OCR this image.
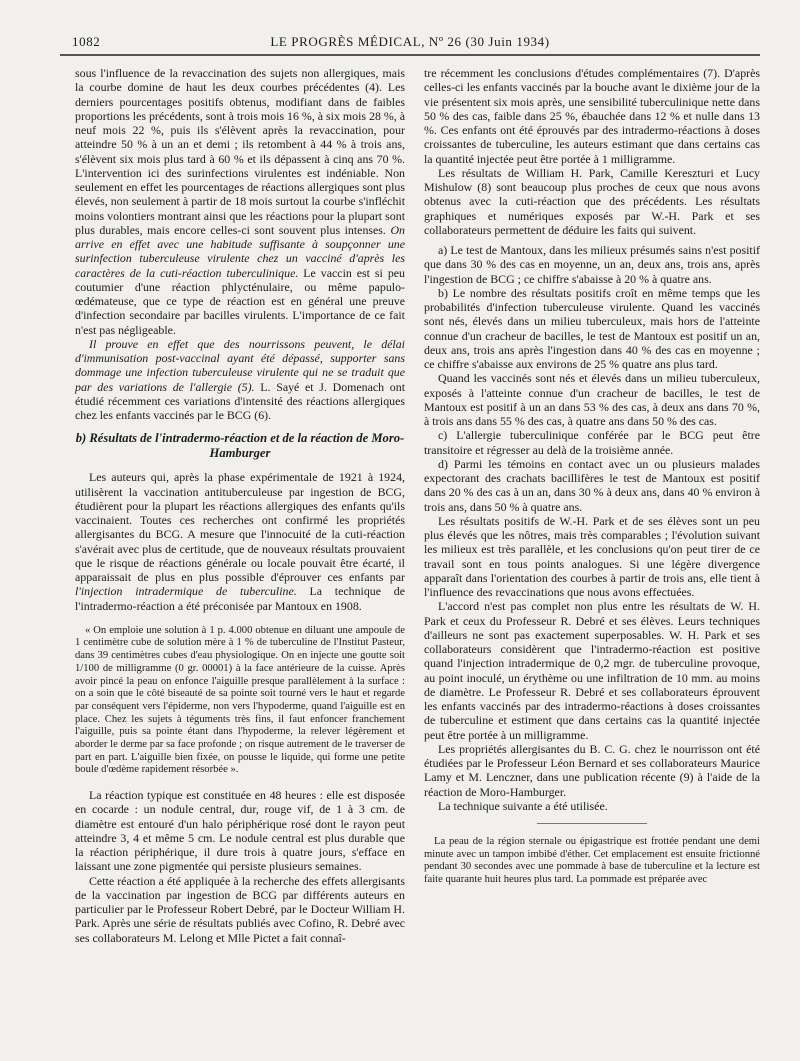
1082	LE PROGRÈS MÉDICAL, Nº 26 (30 Juin 1934)

sous l'influence de la revaccination des sujets non allergiques, mais la courbe domine de haut les deux courbes précédentes (4). Les derniers pourcentages positifs obtenus, modifiant dans de faibles proportions les précédents, sont à trois mois 16 %, à six mois 28 %, à neuf mois 22 %, puis ils s'élèvent après la revaccination, pour atteindre 50 % à un an et demi ; ils retombent à 44 % à trois ans, s'élèvent six mois plus tard à 60 % et ils dépassent à cinq ans 70 %. L'intervention ici des surinfections virulentes est indéniable. Non seulement en effet les pourcentages de réactions allergiques sont plus élevés, non seulement à partir de 18 mois surtout la courbe s'infléchit moins volontiers montrant ainsi que les réactions pour la plupart sont plus durables, mais encore celles-ci sont souvent plus intenses. On arrive en effet avec une habitude suffisante à soupçonner une surinfection tuberculeuse virulente chez un vacciné d'après les caractères de la cuti-réaction tuberculinique. Le vaccin est si peu coutumier d'une réaction phlycténulaire, ou même papulo-œdémateuse, que ce type de réaction est en général une preuve d'infection secondaire par bacilles virulents. L'importance de ce fait n'est pas négligeable.

Il prouve en effet que des nourrissons peuvent, le délai d'immunisation post-vaccinal ayant été dépassé, supporter sans dommage une infection tuberculeuse virulente qui ne se traduit que par des variations de l'allergie (5). L. Sayé et J. Domenach ont étudié récemment ces variations d'intensité des réactions allergiques chez les enfants vaccinés par le BCG (6).

b) Résultats de l'intradermo-réaction et de la réaction de Moro-Hamburger

Les auteurs qui, après la phase expérimentale de 1921 à 1924, utilisèrent la vaccination antituberculeuse par ingestion de BCG, étudièrent pour la plupart les réactions allergiques des enfants qu'ils vaccinaient. Toutes ces recherches ont confirmé les propriétés allergisantes du BCG. A mesure que l'innocuité de la cuti-réaction s'avérait avec plus de certitude, que de nouveaux résultats prouvaient que le risque de réactions générale ou locale pouvait être écarté, il apparaissait de plus en plus possible d'éprouver ces enfants par l'injection intradermique de tuberculine. La technique de l'intradermo-réaction a été préconisée par Mantoux en 1908.

« On emploie une solution à 1 p. 4.000 obtenue en diluant une ampoule de 1 centimètre cube de solution mère à 1 % de tuberculine de l'Institut Pasteur, dans 39 centimètres cubes d'eau physiologique. On en injecte une goutte soit 1/100 de milligramme (0 gr. 00001) à la face antérieure de la cuisse. Après avoir pincé la peau on enfonce l'aiguille presque parallèlement à la surface : on a soin que le côté biseauté de sa pointe soit tourné vers le haut et regarde par conséquent vers l'épiderme, non vers l'hypoderme, quand l'aiguille est en place. Chez les sujets à téguments très fins, il faut enfoncer franchement l'aiguille, puis sa pointe étant dans l'hypoderme, la relever légèrement et aborder le derme par sa face profonde ; on risque autrement de le traverser de part en part. L'aiguille bien fixée, on pousse le liquide, qui forme une petite boule d'œdème rapidement résorbée ».

La réaction typique est constituée en 48 heures : elle est disposée en cocarde : un nodule central, dur, rouge vif, de 1 à 3 cm. de diamètre est entouré d'un halo périphérique rosé dont le rayon peut atteindre 3, 4 et même 5 cm. Le nodule central est plus durable que la réaction périphérique, il dure trois à quatre jours, s'efface en laissant une zone pigmentée qui persiste plusieurs semaines.

Cette réaction a été appliquée à la recherche des effets allergisants de la vaccination par ingestion de BCG par différents auteurs en particulier par le Professeur Robert Debré, par le Docteur William H. Park. Après une série de résultats publiés avec Cofino, R. Debré avec ses collaborateurs M. Lelong et Mlle Pictet a fait connaî-

tre récemment les conclusions d'études complémentaires (7). D'après celles-ci les enfants vaccinés par la bouche avant le dixième jour de la vie présentent six mois après, une sensibilité tuberculinique nette dans 50 % des cas, faible dans 25 %, ébauchée dans 12 % et nulle dans 13 %. Ces enfants ont été éprouvés par des intradermo-réactions à doses croissantes de tuberculine, les auteurs estimant que dans certains cas la quantité injectée peut être portée à 1 milligramme.

Les résultats de William H. Park, Camille Kereszturi et Lucy Mishulow (8) sont beaucoup plus proches de ceux que nous avons obtenus avec la cuti-réaction que des précédents. Les résultats graphiques et numériques exposés par W.-H. Park et ses collaborateurs permettent de déduire les faits qui suivent.

a) Le test de Mantoux, dans les milieux présumés sains n'est positif que dans 30 % des cas en moyenne, un an, deux ans, trois ans, après l'ingestion de BCG ; ce chiffre s'abaisse à 20 % à quatre ans.

b) Le nombre des résultats positifs croît en même temps que les probabilités d'infection tuberculeuse virulente. Quand les vaccinés sont nés, élevés dans un milieu tuberculeux, mais hors de l'atteinte connue d'un cracheur de bacilles, le test de Mantoux est positif un an, deux ans, trois ans après l'ingestion dans 40 % des cas en moyenne ; ce chiffre s'abaisse aux environs de 25 % quatre ans plus tard.

Quand les vaccinés sont nés et élevés dans un milieu tuberculeux, exposés à l'atteinte connue d'un cracheur de bacilles, le test de Mantoux est positif à un an dans 53 % des cas, à deux ans dans 70 %, à trois ans dans 55 % des cas, à quatre ans dans 50 % des cas.

c) L'allergie tuberculinique conférée par le BCG peut être transitoire et régresser au delà de la troisième année.

d) Parmi les témoins en contact avec un ou plusieurs malades expectorant des crachats bacillifères le test de Mantoux est positif dans 20 % des cas à un an, dans 30 % à deux ans, dans 40 % environ à trois ans, dans 50 % à quatre ans.

Les résultats positifs de W.-H. Park et de ses élèves sont un peu plus élevés que les nôtres, mais très comparables ; l'évolution suivant les milieux est très parallèle, et les conclusions qu'on peut tirer de ce travail sont en tous points analogues. Si une légère divergence apparaît dans l'orientation des courbes à partir de trois ans, elle tient à l'influence des revaccinations que nous avons effectuées.

L'accord n'est pas complet non plus entre les résultats de W. H. Park et ceux du Professeur R. Debré et ses élèves. Leurs techniques d'ailleurs ne sont pas exactement superposables. W. H. Park et ses collaborateurs considèrent que l'intradermo-réaction est positive quand l'injection intradermique de 0,2 mgr. de tuberculine provoque, au point inoculé, un érythème ou une infiltration de 10 mm. au moins de diamètre. Le Professeur R. Debré et ses collaborateurs éprouvent les enfants vaccinés par des intradermo-réactions à doses croissantes de tuberculine et estiment que dans certains cas la quantité injectée peut être portée à un milligramme.

Les propriétés allergisantes du B. C. G. chez le nourrisson ont été étudiées par le Professeur Léon Bernard et ses collaborateurs Maurice Lamy et M. Lenczner, dans une publication récente (9) à l'aide de la réaction de Moro-Hamburger.

La technique suivante a été utilisée.

La peau de la région sternale ou épigastrique est frottée pendant une demi minute avec un tampon imbibé d'éther. Cet emplacement est ensuite frictionné pendant 30 secondes avec une pommade à base de tuberculine et la lecture est faite quarante huit heures plus tard. La pommade est préparée avec
